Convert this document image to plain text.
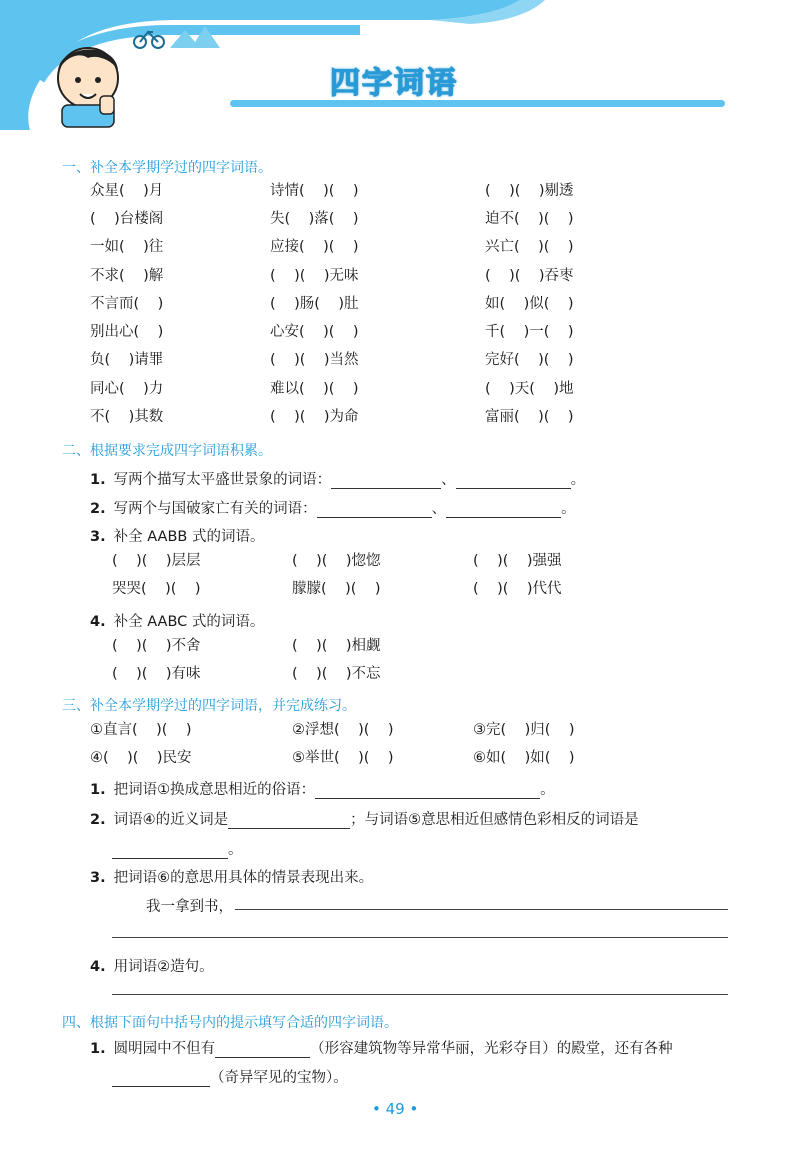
四字词语
一、补全本学期学过的四字词语。
众星(    )月	诗情(    )(    )	(    )(    )剔透
(    )台楼阁	失(    )落(    )	迫不(    )(    )
一如(    )往	应接(    )(    )	兴亡(    )(    )
不求(    )解	(    )(    )无味	(    )(    )吞枣
不言而(    )	(    )肠(    )肚	如(    )似(    )
别出心(    )	心安(    )(    )	千(    )一(    )
负(    )请罪	(    )(    )当然	完好(    )(    )
同心(    )力	难以(    )(    )	(    )天(    )地
不(    )其数	(    )(    )为命	富丽(    )(    )
二、根据要求完成四字词语积累。
1. 写两个描写太平盛世景象的词语：	、	。
2. 写两个与国破家亡有关的词语：	、	。
3. 补全 AABB 式的词语。
(    )(    )层层	(    )(    )惚惚	(    )(    )强强
哭哭(    )(    )	朦朦(    )(    )	(    )(    )代代
4. 补全 AABC 式的词语。
(    )(    )不舍	(    )(    )相觑
(    )(    )有味	(    )(    )不忘
三、补全本学期学过的四字词语，并完成练习。
①直言(    )(    )	②浮想(    )(    )	③完(    )归(    )
④(    )(    )民安	⑤举世(    )(    )	⑥如(    )如(    )
1. 把词语①换成意思相近的俗语：	。
2. 词语④的近义词是	；与词语⑤意思相近但感情色彩相反的词语是
。
3. 把词语⑥的意思用具体的情景表现出来。
我一拿到书，
4. 用词语②造句。
四、根据下面句中括号内的提示填写合适的四字词语。
1. 圆明园中不但有	（形容建筑物等异常华丽，光彩夺目）的殿堂，还有各种
（奇异罕见的宝物）。
• 49 •
